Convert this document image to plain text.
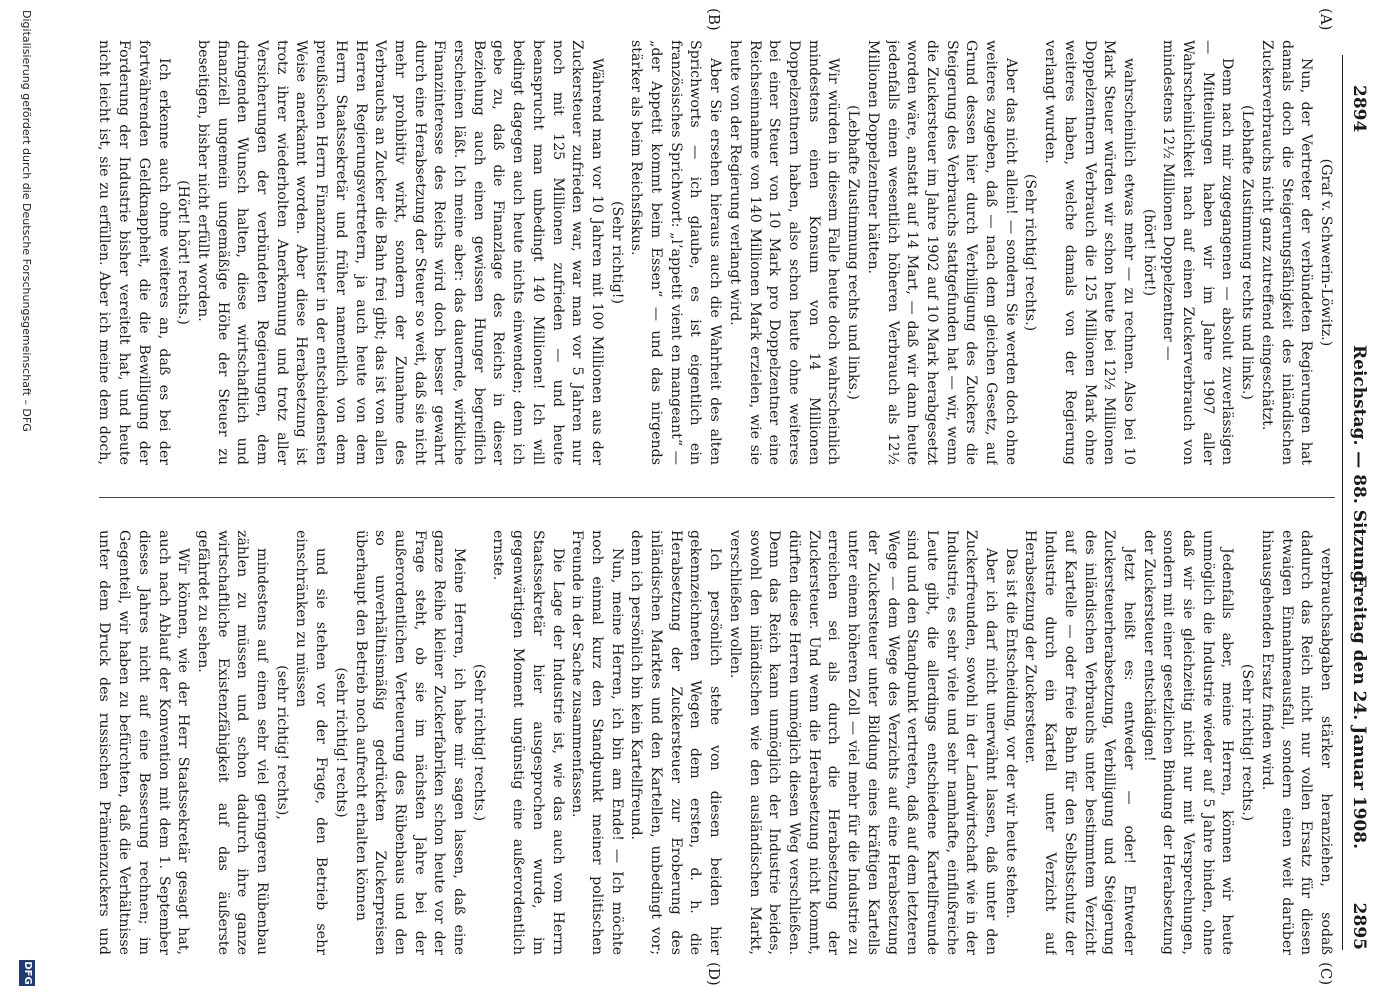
2894
Reichstag. — 88. Sitzung.
Freitag den 24. Januar 1908.
2895
(A)
(B)
(C)
(D)

(Graf v. Schwerin-Löwitz.)

Nun, der Vertreter der verbündeten Regierungen hat damals doch die Steigerungsfähigkeit des inländischen Zuckerverbrauchs nicht ganz zutreffend eingeschätzt.

(Lebhafte Zustimmung rechts und links.)

Denn nach mir zugegangenen — absolut zuverlässigen — Mitteilungen haben wir im Jahre 1907 aller Wahrscheinlichkeit nach auf einen Zuckerverbrauch von mindestens 12½ Millionen Doppelzentner —

(hört! hört!)

wahrscheinlich etwas mehr — zu rechnen. Also bei 10 Mark Steuer würden wir schon heute bei 12½ Millionen Doppelzentnern Verbrauch die 125 Millionen Mark ohne weiteres haben, welche damals von der Regierung verlangt wurden.

(Sehr richtig! rechts.)

Aber das nicht allein! — sondern Sie werden doch ohne weiteres zugeben, daß — nach dem gleichen Gesetz, auf Grund dessen hier durch Verbilligung des Zuckers die Steigerung des Verbrauchs stattgefunden hat — wir, wenn die Zuckersteuer im Jahre 1902 auf 10 Mark herabgesetzt worden wäre, anstatt auf 14 Mart, — daß wir dann heute jedenfalls einen wesentlich höheren Verbrauch als 12½ Millionen Doppelzentner hätten.

(Lebhafte Zustimmung rechts und links.)

Wir würden in diesem Falle heute doch wahrscheinlich mindestens einen Konsum von 14 Millionen Doppelzentnern haben, also schon heute ohne weiteres bei einer Steuer von 10 Mark pro Doppelzentner eine Reichseinnahme von 140 Millionen Mark erzielen, wie sie heute von der Regierung verlangt wird.

Aber Sie ersehen hieraus auch die Wahrheit des alten Sprichworts — ich glaube, es ist eigentlich ein französisches Sprichwort: „l’appetit vient en mangeant“ — „der Appetit kommt beim Essen“ — und das nirgends stärker als beim Reichsfiskus.

(Sehr richtig!)

Während man vor 10 Jahren mit 100 Millionen aus der Zuckersteuer zufrieden war, war man vor 5 Jahren nur noch mit 125 Millionen zufrieden — und heute beansprucht man unbedingt 140 Millionen! Ich will bedingt dagegen auch heute nichts einwenden; denn ich gebe zu, daß die Finanzlage des Reichs in dieser Beziehung auch einen gewissen Hunger begreiflich erscheinen läßt. Ich meine aber: das dauernde, wirkliche Finanzinteresse des Reichs wird doch besser gewahrt durch eine Herabsetzung der Steuer so weit, daß sie nicht mehr prohibitiv wirkt, sondern der Zunahme des Verbrauchs an Zucker die Bahn frei gibt; das ist von allen Herren Regierungsvertretern, ja auch heute von dem Herrn Staatssekretär und früher namentlich von dem preußischen Herrn Finanzminister in der entschiedensten Weise anerkannt worden. Aber diese Herabsetzung ist trotz ihrer wiederholten Anerkennung und trotz aller Versicherungen der verbündeten Regierungen, dem dringenden Wunsch halten, diese wirtschaftlich und finanziell ungemein ungemäßige Höhe der Steuer zu beseitigen, bisher nicht erfüllt worden.

(Hört! hört! rechts.)

Ich erkenne auch ohne weiteres an, daß es bei der fortwährenden Geldknappheit, die die Bewilligung der Forderung der Industrie bisher vereitelt hat, und heute nicht leicht ist, sie zu erfüllen. Aber ich meine dem doch,

verbrauchsabgaben stärker heranziehen, sodaß dadurch das Reich nicht nur vollen Ersatz für diesen etwaigen Einnahmeausfall, sondern einen weit darüber hinausgehenden Ersatz finden wird.

(Sehr richtig! rechts.)

Jedenfalls aber, meine Herren, können wir heute unmöglich die Industrie wieder auf 5 Jahre binden, ohne daß wir sie gleichzeitig nicht nur mit Versprechungen, sondern mit einer gesetzlichen Bindung der Herabsetzung der Zuckersteuer entschädigen!

Jetzt heißt es: entweder — oder! Entweder Zuckersteuerherabsetzung, Verbilligung und Steigerung des inländischen Verbrauchs unter bestimmtem Verzicht auf Kartelle — oder freie Bahn für den Selbstschutz der Industrie durch ein Kartell unter Verzicht auf Herabsetzung der Zuckersteuer.

Das ist die Entscheidung, vor der wir heute stehen.

Aber ich darf nicht unerwähnt lassen, daß unter den Zuckerfreunden, sowohl in der Landwirtschaft wie in der Industrie, es sehr viele und sehr namhafte, einflußreiche Leute gibt, die allerdings entschiedene Kartellfreunde sind und den Standpunkt vertreten, daß auf dem letzteren Wege — dem Wege des Verzichts auf eine Herabsetzung der Zuckersteuer unter Bildung eines kräftigen Kartells unter einem höheren Zoll — viel mehr für die Industrie zu erreichen sei als durch die Herabsetzung der Zuckersteuer. Und wenn die Herabsetzung nicht kommt, dürften diese Herren unmöglich diesen Weg verschließen. Denn das Reich kann unmöglich der Industrie beides, sowohl den inländischen wie den ausländischen Markt, verschließen wollen.

Ich persönlich stehe von diesen beiden hier gekennzeichneten Wegen dem ersten, d. h. die Herabsetzung der Zuckersteuer zur Eroberung des inländischen Marktes und den Kartellen, unbedingt vor; denn ich persönlich bin kein Kartellfreund.

Nun, meine Herren, ich bin am Ende! — Ich möchte noch einmal kurz den Standpunkt meiner politischen Freunde in der Sache zusammenfassen.

Die Lage der Industrie ist, wie das auch vom Herrn Staatssekretär hier ausgesprochen wurde, im gegenwärtigen Moment ungünstig eine außerordentlich ernste.

(Sehr richtig! rechts.)

Meine Herren, ich habe mir sagen lassen, daß eine ganze Reihe kleiner Zuckerfabriken schon heute vor der Frage steht, ob sie im nächsten Jahre bei der außerordentlichen Verteuerung des Rübenbaus und den so unverhältnismäßig gedrückten Zuckerpreisen überhaupt den Betrieb noch aufrecht erhalten können

(sehr richtig! rechts)

und sie stehen vor der Frage, den Betrieb sehr einschränken zu müssen

(sehr richtig! rechts),

mindestens auf einen sehr viel geringeren Rübenbau zählen zu müssen und schon dadurch ihre ganze wirtschaftliche Existenzfähigkeit auf das äußerste gefährdet zu sehen.

Wir können, wie der Herr Staatssekretär gesagt hat, auch nach Ablauf der Konvention mit dem 1. September dieses Jahres nicht auf eine Besserung rechnen; im Gegenteil, wir haben zu befürchten, daß die Verhältnisse unter dem Druck des russischen Prämienzuckers und

Digitalisierung gefördert durch die Deutsche Forschungsgemeinschaft – DFG
DFG
